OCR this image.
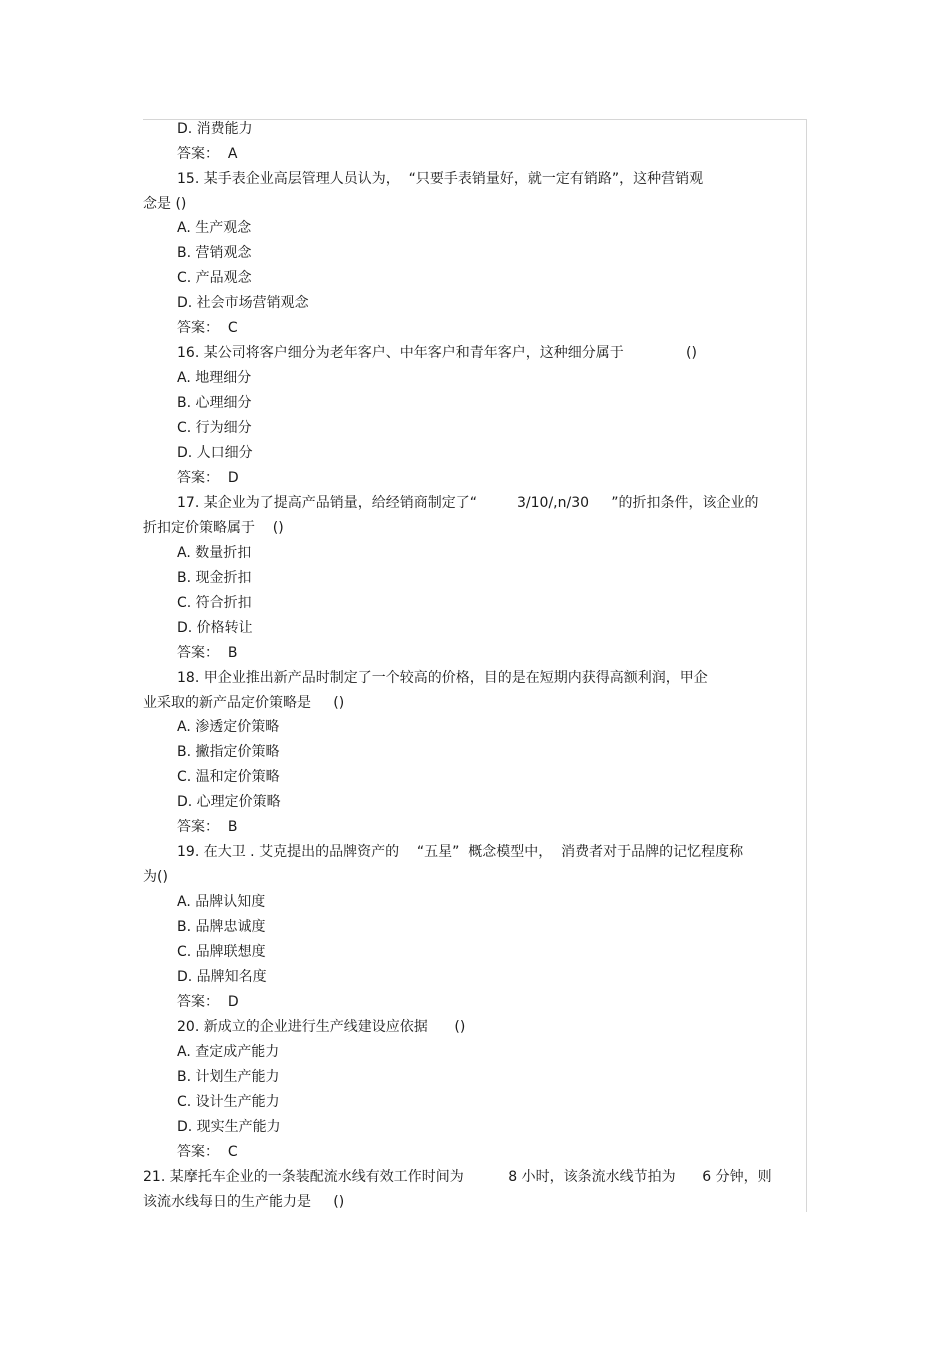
D. 消费能力

答案：  A

15. 某手表企业高层管理人员认为，  “只要手表销量好，就一定有销路”，这种营销观

念是 ()

A. 生产观念

B. 营销观念

C. 产品观念

D. 社会市场营销观念

答案：  C

16. 某公司将客户细分为老年客户、中年客户和青年客户，这种细分属于              ()

A. 地理细分

B. 心理细分

C. 行为细分

D. 人口细分

答案：  D

17. 某企业为了提高产品销量，给经销商制定了“         3/10/,n/30     ”的折扣条件，该企业的

折扣定价策略属于    ()

A. 数量折扣

B. 现金折扣

C. 符合折扣

D. 价格转让

答案：  B

18. 甲企业推出新产品时制定了一个较高的价格，目的是在短期内获得高额利润，甲企

业采取的新产品定价策略是     ()

A. 渗透定价策略

B. 撇指定价策略

C. 温和定价策略

D. 心理定价策略

答案：  B

19. 在大卫 . 艾克提出的品牌资产的    “五星”  概念模型中，  消费者对于品牌的记忆程度称

为()

A. 品牌认知度

B. 品牌忠诚度

C. 品牌联想度

D. 品牌知名度

答案：  D

20. 新成立的企业进行生产线建设应依据      ()

A. 查定成产能力

B. 计划生产能力

C. 设计生产能力

D. 现实生产能力

答案：  C

21. 某摩托车企业的一条装配流水线有效工作时间为          8 小时，该条流水线节拍为      6 分钟，则

该流水线每日的生产能力是     ()
